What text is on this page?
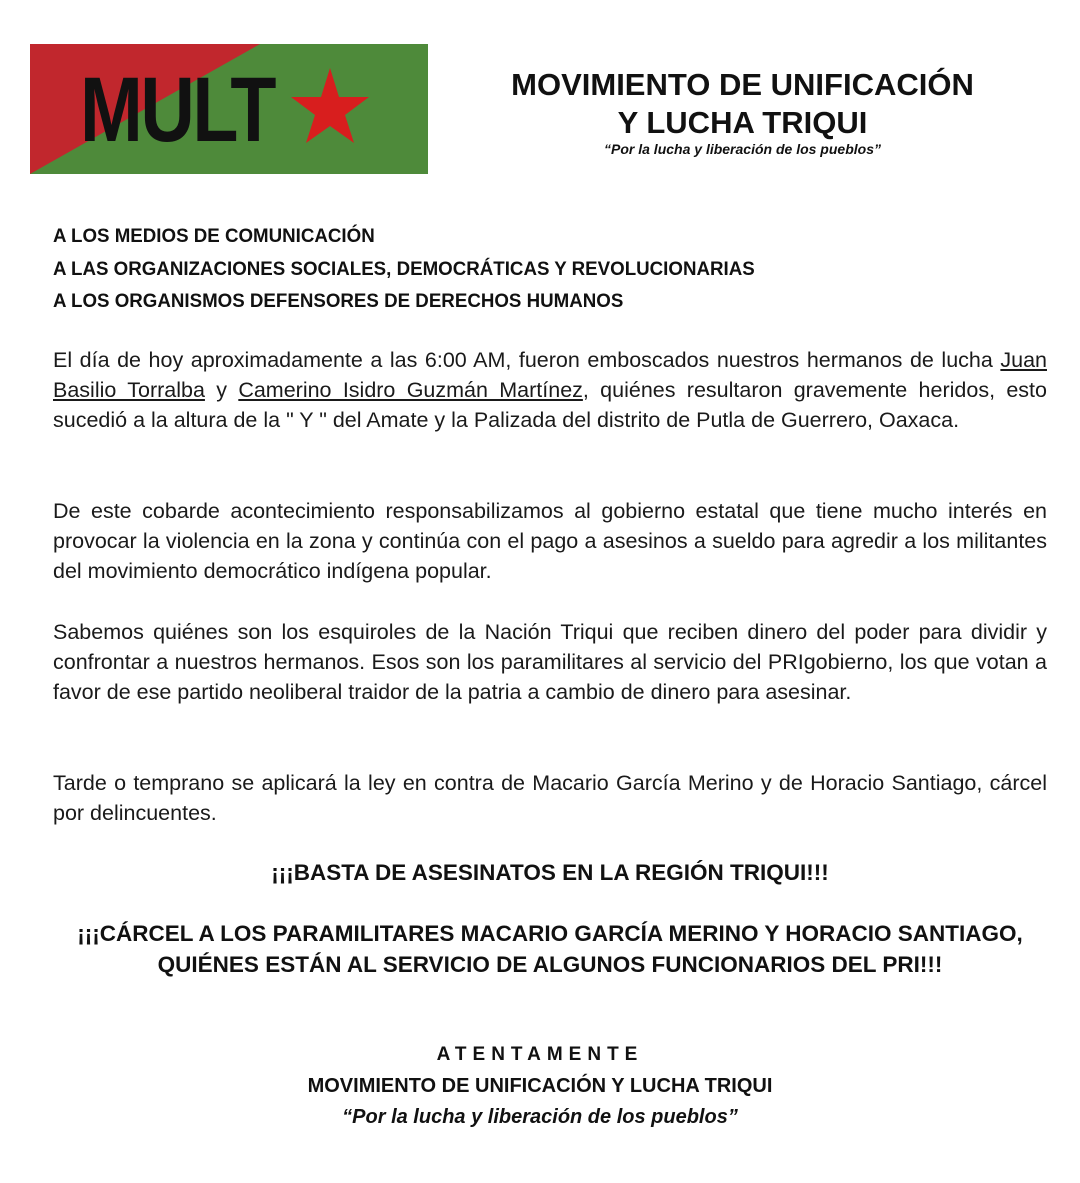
MULT	MOVIMIENTO DE UNIFICACIÓN
Y LUCHA TRIQUI
“Por la lucha y liberación de los pueblos”
A LOS MEDIOS DE COMUNICACIÓN
A LAS ORGANIZACIONES SOCIALES, DEMOCRÁTICAS Y REVOLUCIONARIAS
A LOS ORGANISMOS DEFENSORES DE DERECHOS HUMANOS
El día de hoy aproximadamente a las 6:00 AM, fueron emboscados nuestros hermanos de lucha Juan Basilio Torralba y Camerino Isidro Guzmán Martínez, quiénes resultaron gravemente heridos, esto sucedió a la altura de la " Y " del Amate y la Palizada del distrito de Putla de Guerrero, Oaxaca.
De este cobarde acontecimiento responsabilizamos al gobierno estatal que tiene mucho interés en provocar la violencia en la zona y continúa con el pago a asesinos a sueldo para agredir a los militantes del movimiento democrático indígena popular.
Sabemos quiénes son los esquiroles de la Nación Triqui que reciben dinero del poder para dividir y confrontar a nuestros hermanos. Esos son los paramilitares al servicio del PRIgobierno, los que votan a favor de ese partido neoliberal traidor de la patria a cambio de dinero para asesinar.
Tarde o temprano se aplicará la ley en contra de Macario García Merino y de Horacio Santiago, cárcel por delincuentes.
¡¡¡BASTA DE ASESINATOS EN LA REGIÓN TRIQUI!!!
¡¡¡CÁRCEL A LOS PARAMILITARES MACARIO GARCÍA MERINO Y HORACIO SANTIAGO, QUIÉNES ESTÁN AL SERVICIO DE ALGUNOS FUNCIONARIOS DEL PRI!!!
ATENTAMENTE
MOVIMIENTO DE UNIFICACIÓN Y LUCHA TRIQUI
“Por la lucha y liberación de los pueblos”
